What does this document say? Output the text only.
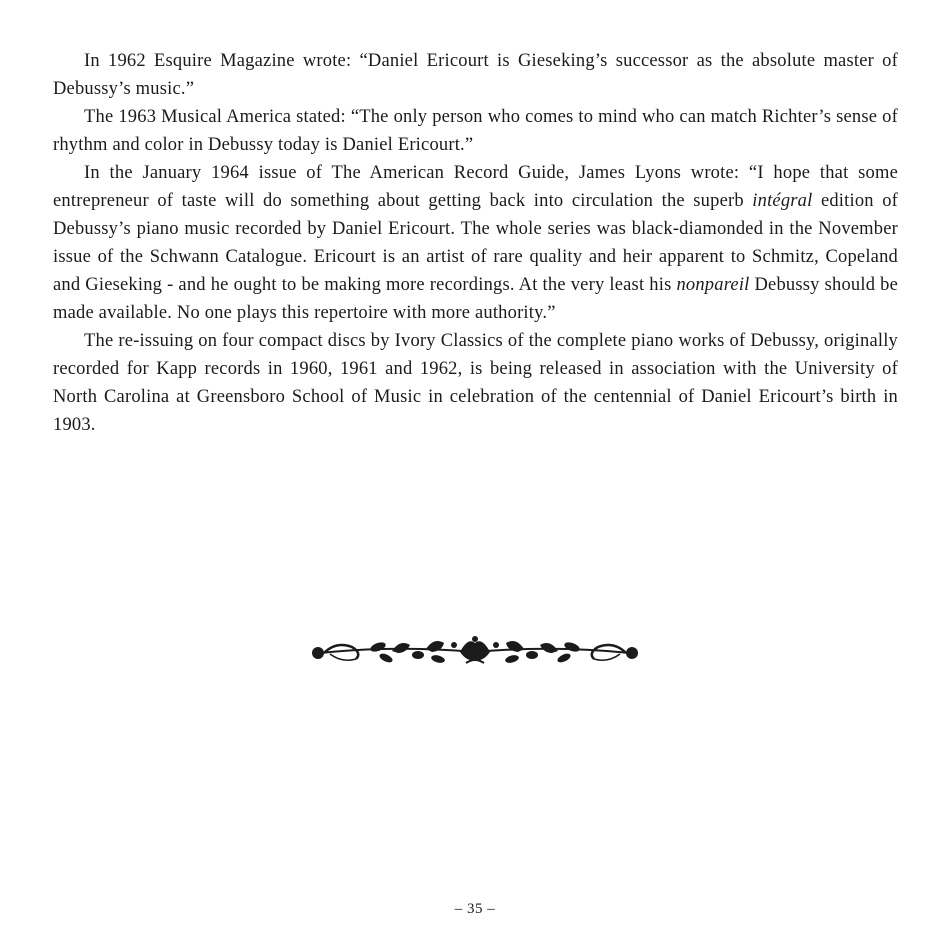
In 1962 Esquire Magazine wrote: “Daniel Ericourt is Gieseking’s successor as the absolute master of Debussy’s music.”

The 1963 Musical America stated: “The only person who comes to mind who can match Richter’s sense of rhythm and color in Debussy today is Daniel Ericourt.”

In the January 1964 issue of The American Record Guide, James Lyons wrote: “I hope that some entrepreneur of taste will do something about getting back into circulation the superb intégral edition of Debussy’s piano music recorded by Daniel Ericourt. The whole series was black-diamonded in the November issue of the Schwann Catalogue. Ericourt is an artist of rare quality and heir apparent to Schmitz, Copeland and Gieseking - and he ought to be making more recordings. At the very least his nonpareil Debussy should be made available. No one plays this repertoire with more authority.”

The re-issuing on four compact discs by Ivory Classics of the complete piano works of Debussy, originally recorded for Kapp records in 1960, 1961 and 1962, is being released in association with the University of North Carolina at Greensboro School of Music in celebration of the centennial of Daniel Ericourt’s birth in 1903.

– 35 –
